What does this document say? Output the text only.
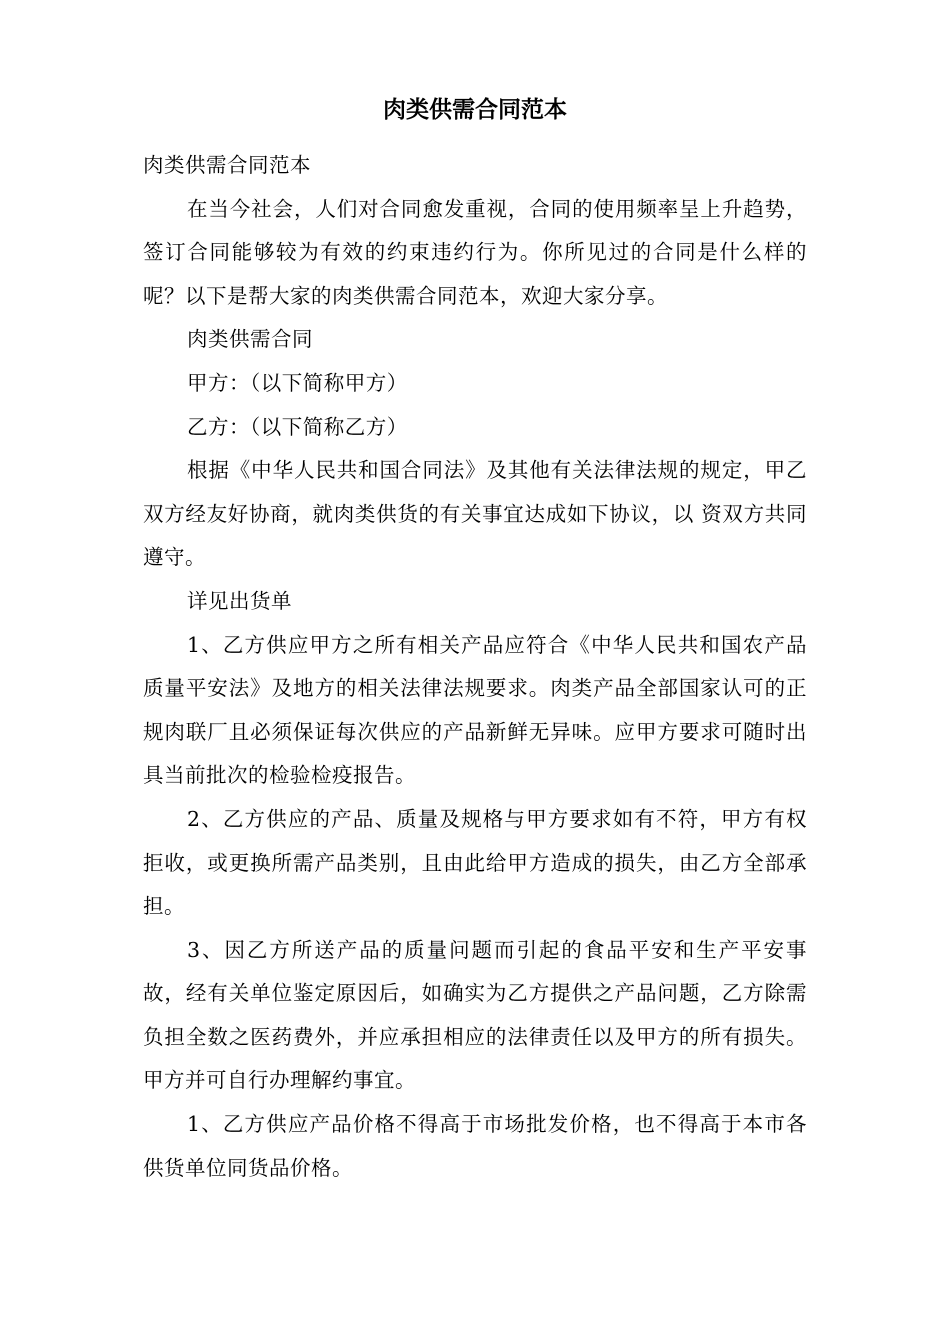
肉类供需合同范本

肉类供需合同范本

在当今社会，人们对合同愈发重视，合同的使用频率呈上升趋势，签订合同能够较为有效的约束违约行为。你所见过的合同是什么样的呢？以下是帮大家的肉类供需合同范本，欢迎大家分享。

肉类供需合同

甲方：（以下简称甲方）

乙方：（以下简称乙方）

根据《中华人民共和国合同法》及其他有关法律法规的规定，甲乙双方经友好协商，就肉类供货的有关事宜达成如下协议，以 资双方共同遵守。

详见出货单

1、乙方供应甲方之所有相关产品应符合《中华人民共和国农产品质量平安法》及地方的相关法律法规要求。肉类产品全部国家认可的正规肉联厂且必须保证每次供应的产品新鲜无异味。应甲方要求可随时出具当前批次的检验检疫报告。

2、乙方供应的产品、质量及规格与甲方要求如有不符，甲方有权拒收，或更换所需产品类别，且由此给甲方造成的损失，由乙方全部承担。

3、因乙方所送产品的质量问题而引起的食品平安和生产平安事故，经有关单位鉴定原因后，如确实为乙方提供之产品问题，乙方除需负担全数之医药费外，并应承担相应的法律责任以及甲方的所有损失。甲方并可自行办理解约事宜。

1、乙方供应产品价格不得高于市场批发价格，也不得高于本市各供货单位同货品价格。
